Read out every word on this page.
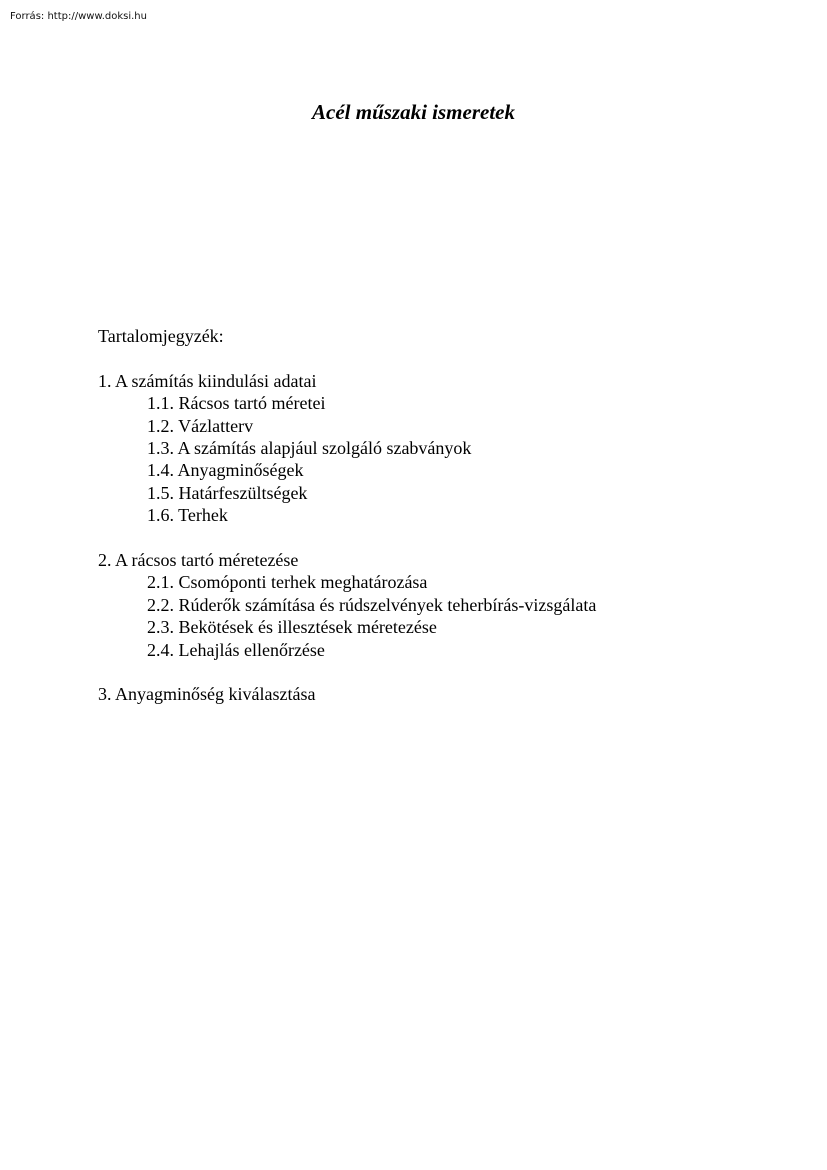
Forrás: http://www.doksi.hu
Acél műszaki ismeretek

Tartalomjegyzék:

1. A számítás kiindulási adatai

1.1. Rácsos tartó méretei

1.2. Vázlatterv

1.3. A számítás alapjául szolgáló szabványok

1.4. Anyagminőségek

1.5. Határfeszültségek

1.6. Terhek

2. A rácsos tartó méretezése

2.1. Csomóponti terhek meghatározása

2.2. Rúderők számítása és rúdszelvények teherbírás-vizsgálata

2.3. Bekötések és illesztések méretezése

2.4. Lehajlás ellenőrzése

3. Anyagminőség kiválasztása
